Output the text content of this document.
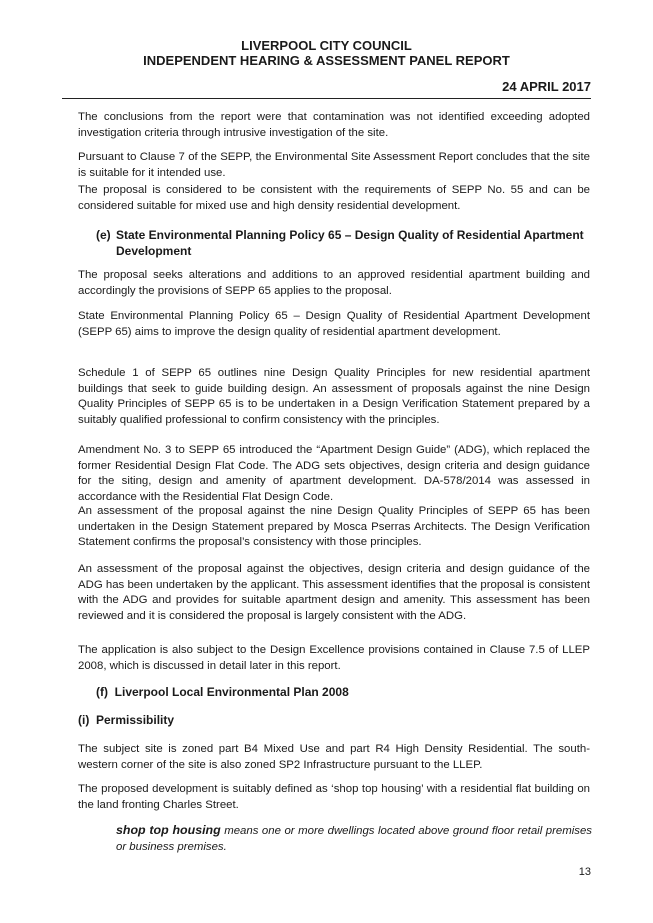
LIVERPOOL CITY COUNCIL
INDEPENDENT HEARING & ASSESSMENT PANEL REPORT
24 APRIL 2017

The conclusions from the report were that contamination was not identified exceeding adopted investigation criteria through intrusive investigation of the site.

Pursuant to Clause 7 of the SEPP, the Environmental Site Assessment Report concludes that the site is suitable for it intended use.

The proposal is considered to be consistent with the requirements of SEPP No. 55 and can be considered suitable for mixed use and high density residential development.

(e) State Environmental Planning Policy 65 – Design Quality of Residential Apartment
Development

The proposal seeks alterations and additions to an approved residential apartment building and accordingly the provisions of SEPP 65 applies to the proposal.

State Environmental Planning Policy 65 – Design Quality of Residential Apartment Development (SEPP 65) aims to improve the design quality of residential apartment development.

Schedule 1 of SEPP 65 outlines nine Design Quality Principles for new residential apartment buildings that seek to guide building design. An assessment of proposals against the nine Design Quality Principles of SEPP 65 is to be undertaken in a Design Verification Statement prepared by a suitably qualified professional to confirm consistency with the principles.

Amendment No. 3 to SEPP 65 introduced the “Apartment Design Guide” (ADG), which replaced the former Residential Design Flat Code. The ADG sets objectives, design criteria and design guidance for the siting, design and amenity of apartment development. DA-578/2014 was assessed in accordance with the Residential Flat Design Code.

An assessment of the proposal against the nine Design Quality Principles of SEPP 65 has been undertaken in the Design Statement prepared by Mosca Pserras Architects. The Design Verification Statement confirms the proposal’s consistency with those principles.

An assessment of the proposal against the objectives, design criteria and design guidance of the ADG has been undertaken by the applicant. This assessment identifies that the proposal is consistent with the ADG and provides for suitable apartment design and amenity. This assessment has been reviewed and it is considered the proposal is largely consistent with the ADG.

The application is also subject to the Design Excellence provisions contained in Clause 7.5 of LLEP 2008, which is discussed in detail later in this report.

(f) Liverpool Local Environmental Plan 2008
(i) Permissibility

The subject site is zoned part B4 Mixed Use and part R4 High Density Residential. The south-western corner of the site is also zoned SP2 Infrastructure pursuant to the LLEP.

The proposed development is suitably defined as ‘shop top housing’ with a residential flat building on the land fronting Charles Street.

shop top housing means one or more dwellings located above ground floor retail premises or business premises.

13
